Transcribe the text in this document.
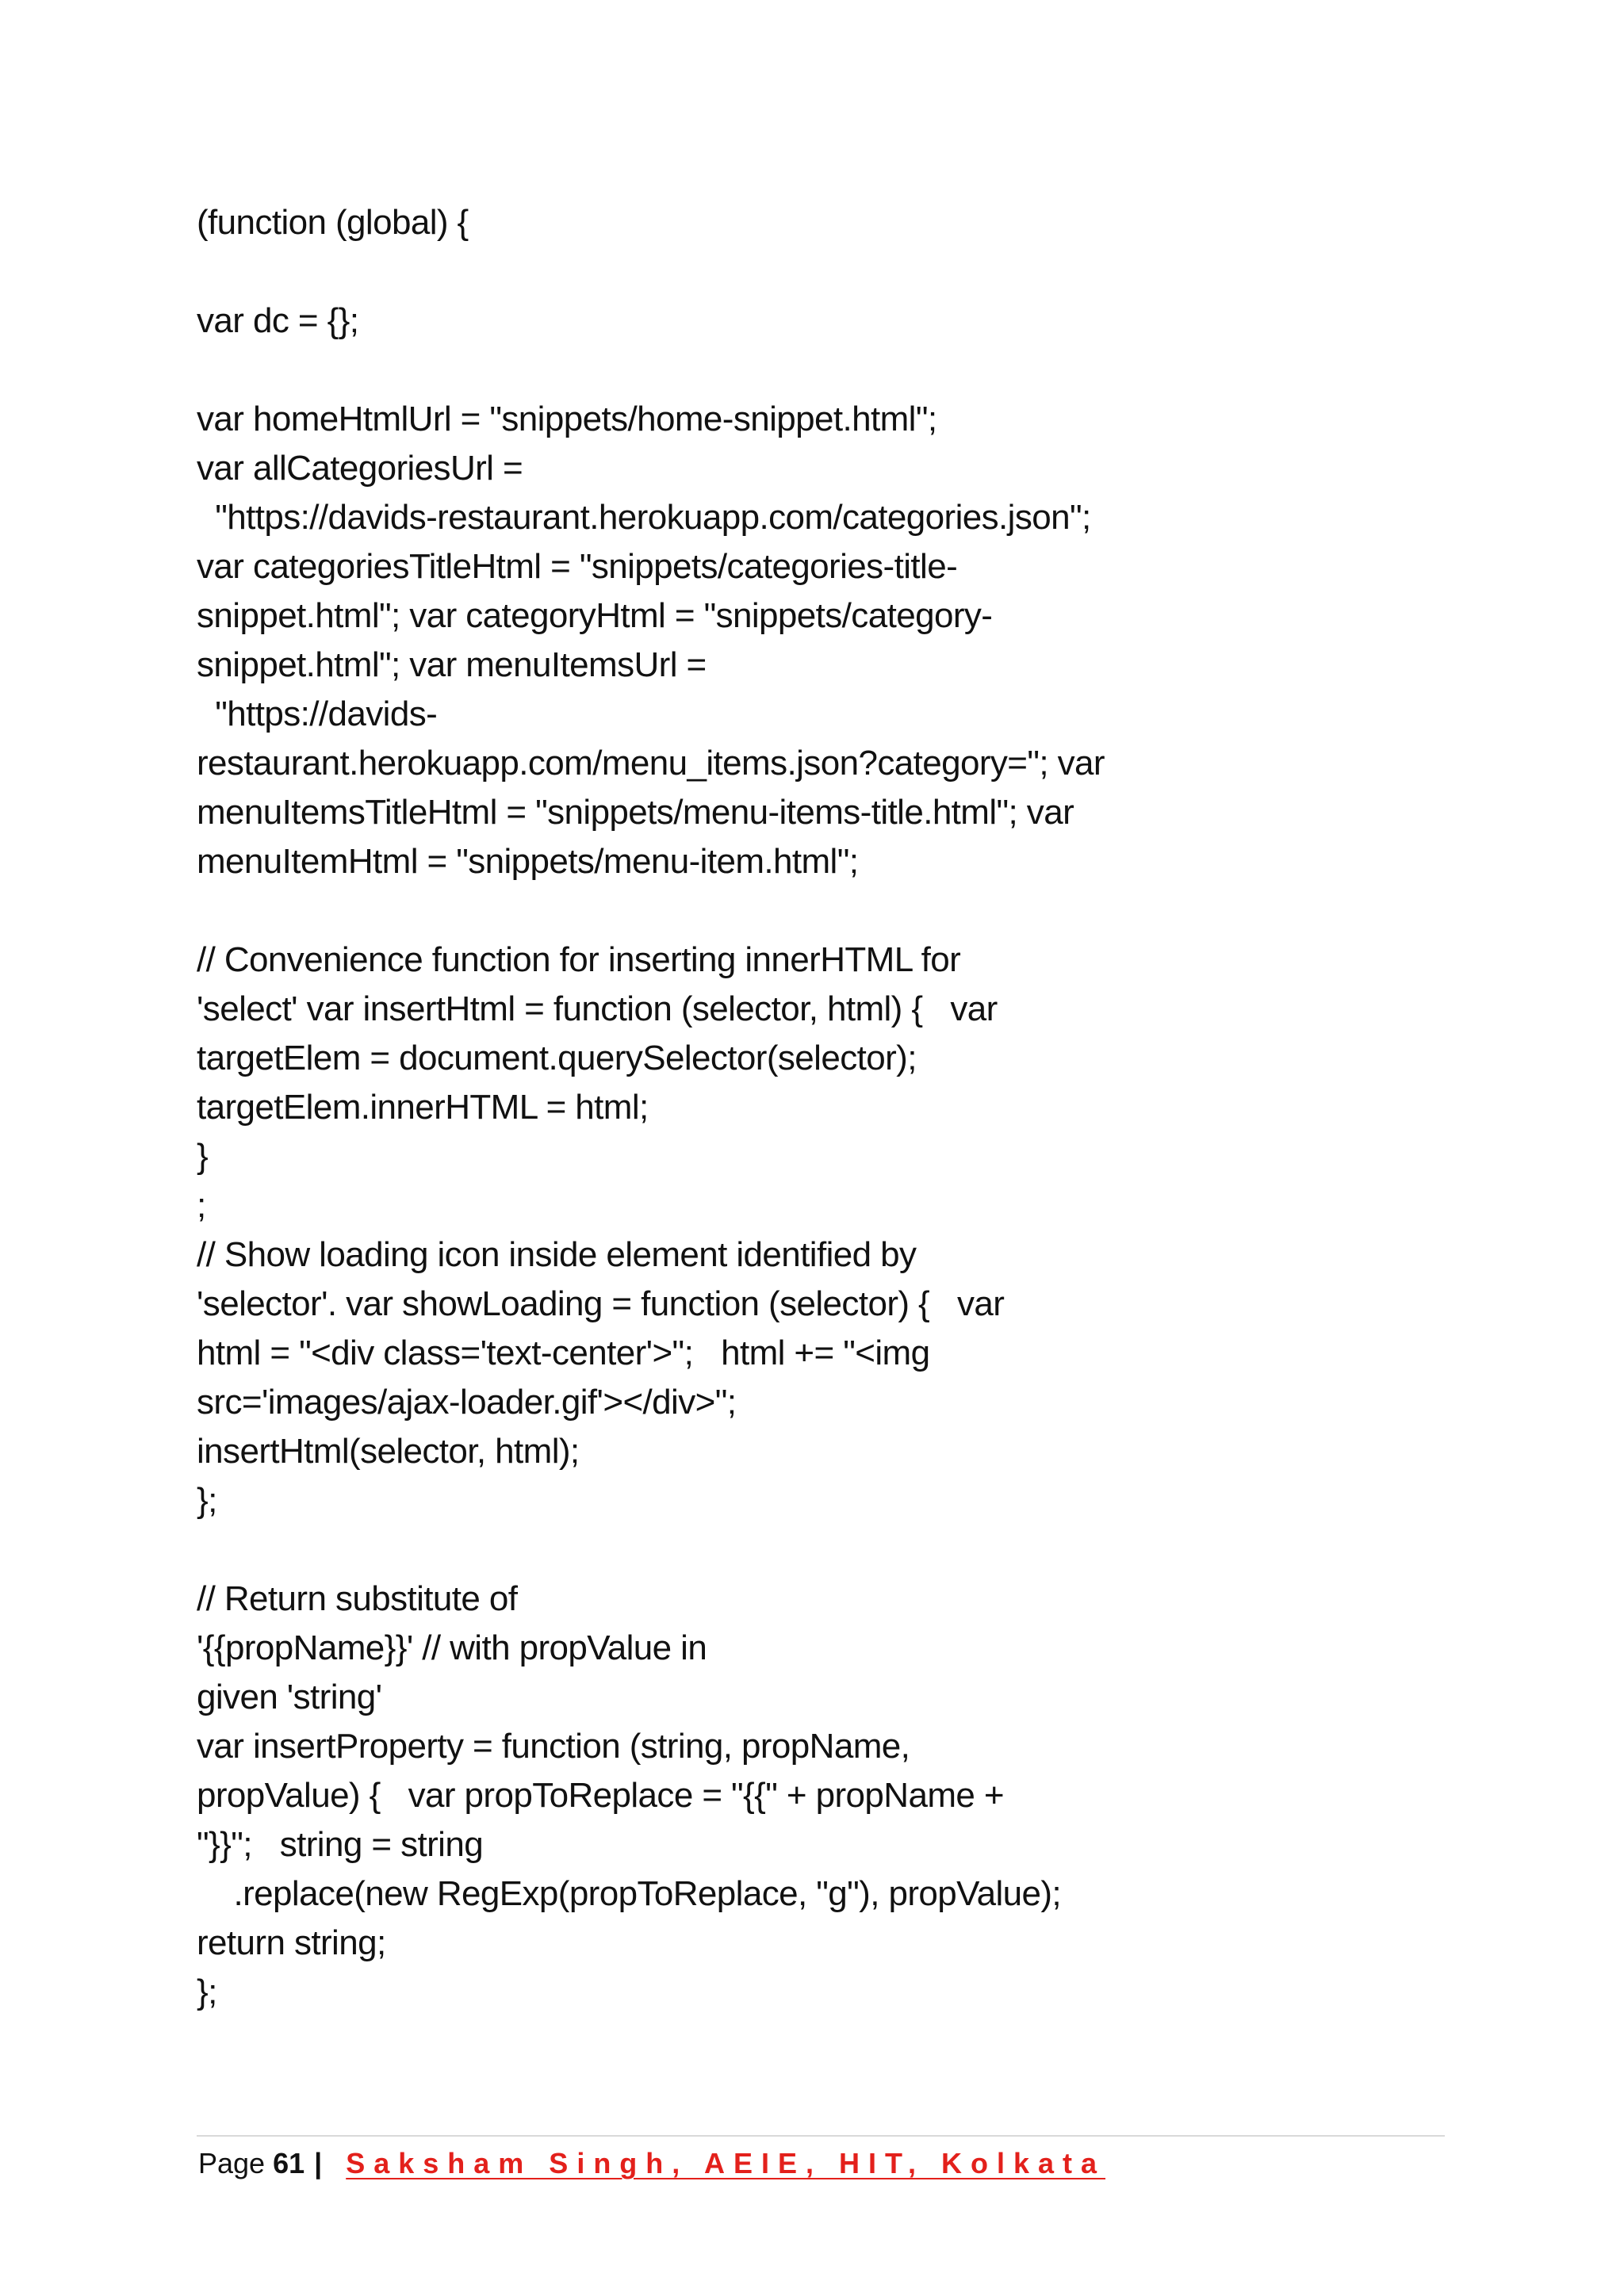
(function (global) {
var dc = {};
var homeHtmlUrl = "snippets/home-snippet.html";
var allCategoriesUrl =
"https://davids-restaurant.herokuapp.com/categories.json";
var categoriesTitleHtml = "snippets/categories-title-
snippet.html"; var categoryHtml = "snippets/category-
snippet.html"; var menuItemsUrl =
"https://davids-
restaurant.herokuapp.com/menu_items.json?category="; var
menuItemsTitleHtml = "snippets/menu-items-title.html"; var
menuItemHtml = "snippets/menu-item.html";
// Convenience function for inserting innerHTML for
'select' var insertHtml = function (selector, html) {   var
targetElem = document.querySelector(selector);
targetElem.innerHTML = html;
}
;
// Show loading icon inside element identified by
'selector'. var showLoading = function (selector) {   var
html = "<div class='text-center'>";   html += "<img
src='images/ajax-loader.gif'></div>";
insertHtml(selector, html);
};
// Return substitute of
'{{propName}}' // with propValue in
given 'string'
var insertProperty = function (string, propName,
propValue) {   var propToReplace = "{{" + propName +
"}}";   string = string
.replace(new RegExp(propToReplace, "g"), propValue);
return string;
};
Page 61 | Saksham Singh, AEIE, HIT, Kolkata
